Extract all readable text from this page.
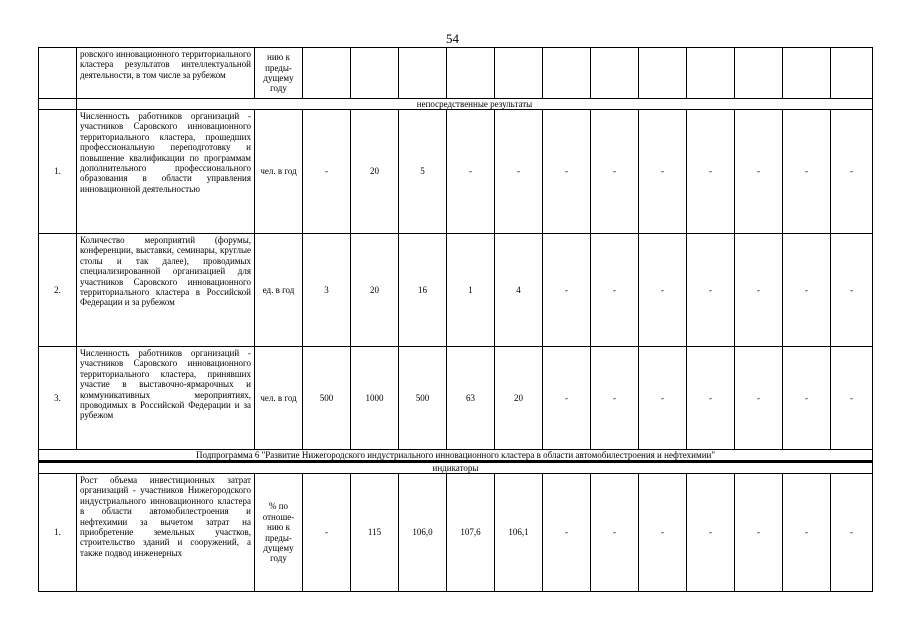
54
	ровского инновационного территориального кластера результатов интеллектуальной деятельности, в том числе за рубежом	нию к преды- дущему году												
	непосредственные результаты													
1.	Численность работников организаций - участников Саровского инновационного территориального кластера, прошедших профессиональную переподготовку и повышение квалификации по программам дополнительного профессионального образования в области управления инновационной деятельностью	чел. в год	-	20	5	-	-	-	-	-	-	-	-	-
2.	Количество мероприятий (форумы, конференции, выставки, семинары, круглые столы и так далее), проводимых специализированной организацией для участников Саровского инновационного территориального кластера в Российской Федерации и за рубежом	ед. в год	3	20	16	1	4	-	-	-	-	-	-	-
3.	Численность работников организаций - участников Саровского инновационного территориального кластера, принявших участие в выставочно-ярмарочных и коммуникативных мероприятиях, проводимых в Российской Федерации и за рубежом	чел. в год	500	1000	500	63	20	-	-	-	-	-	-	-
Подпрограмма 6 "Развитие Нижегородского индустриального инновационного кластера в области автомобилестроения и нефтехимии"														
индикаторы														
1.	Рост объема инвестиционных затрат организаций - участников Нижегородского индустриального инновационного кластера в области автомобилестроения и нефтехимии за вычетом затрат на приобретение земельных участков, строительство зданий и сооружений, а также подвод инженерных	% по отноше- нию к преды- дущему году	-	115	106,0	107,6	106,1	-	-	-	-	-	-	-
